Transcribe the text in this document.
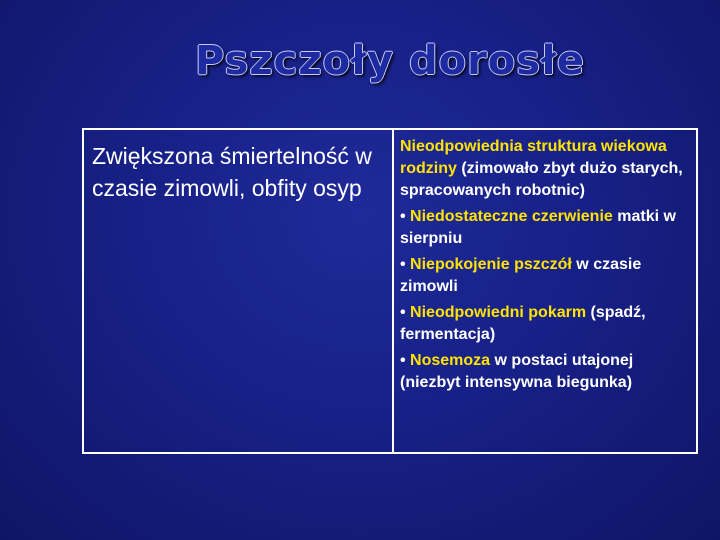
Pszczoły dorosłe
Zwiększona śmiertelność w czasie zimowli, obfity osyp

Nieodpowiednia struktura wiekowa rodziny (zimowało zbyt dużo starych, spracowanych robotnic)

• Niedostateczne czerwienie matki w sierpniu

• Niepokojenie pszczół w czasie zimowli

• Nieodpowiedni pokarm (spadź, fermentacja)

• Nosemoza w postaci utajonej (niezbyt intensywna biegunka)
